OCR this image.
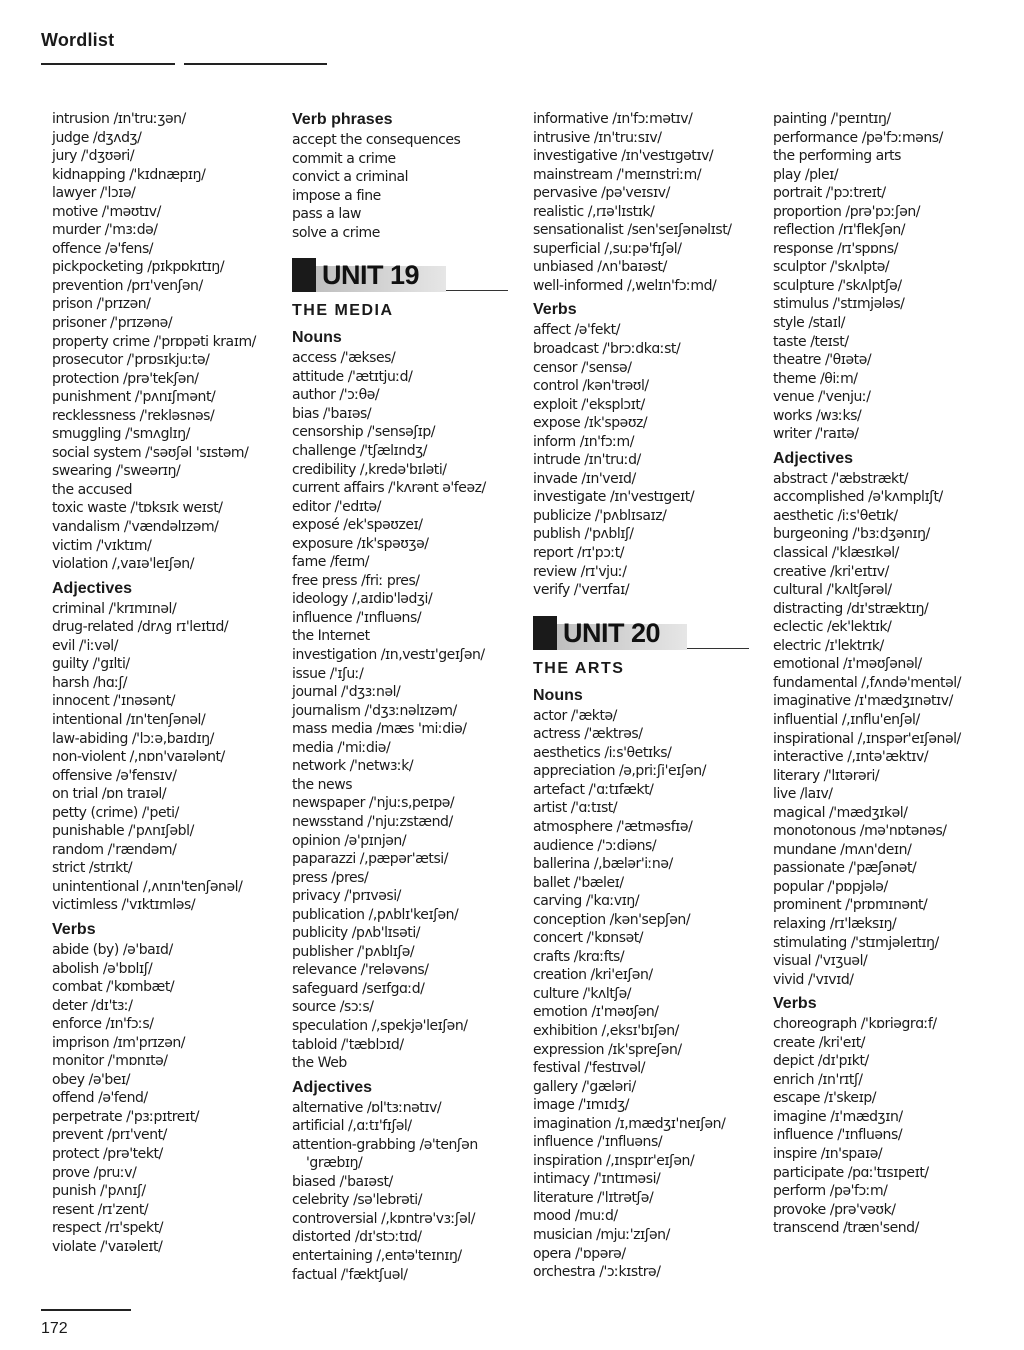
Wordlist
intrusion /ɪn'truːʒən/
judge /dʒʌdʒ/
jury /'dʒʊəri/
kidnapping /'kɪdnæpɪŋ/
lawyer /'lɔɪə/
motive /'məʊtɪv/
murder /'mɜːdə/
offence /ə'fens/
pickpocketing /pɪkpɒkɪtɪŋ/
prevention /prɪ'venʃən/
prison /'prɪzən/
prisoner /'prɪzənə/
property crime /'prɒpəti kraɪm/
prosecutor /'prɒsɪkjuːtə/
protection /prə'tekʃən/
punishment /'pʌnɪʃmənt/
recklessness /'rekləsnəs/
smuggling /'smʌglɪŋ/
social system /'səʊʃəl 'sɪstəm/
swearing /'sweərɪŋ/
the accused
toxic waste /'tɒksɪk weɪst/
vandalism /'vændəlɪzəm/
victim /'vɪktɪm/
violation /,vaɪə'leɪʃən/
Adjectives
criminal /'krɪmɪnəl/
drug-related /drʌg rɪ'leɪtɪd/
evil /'iːvəl/
guilty /'gɪlti/
harsh /hɑːʃ/
innocent /'ɪnəsənt/
intentional /ɪn'tenʃənəl/
law-abiding /'lɔːə,baɪdɪŋ/
non-violent /,nɒn'vaɪələnt/
offensive /ə'fensɪv/
on trial /ɒn traɪəl/
petty (crime) /'peti/
punishable /'pʌnɪʃəbl/
random /'rændəm/
strict /strɪkt/
unintentional /,ʌnɪn'tenʃənəl/
victimless /'vɪktɪmləs/
Verbs
abide (by) /ə'baɪd/
abolish /ə'bɒlɪʃ/
combat /'kɒmbæt/
deter /dɪ'tɜː/
enforce /ɪn'fɔːs/
imprison /ɪm'prɪzən/
monitor /'mɒnɪtə/
obey /ə'beɪ/
offend /ə'fend/
perpetrate /'pɜːpɪtreɪt/
prevent /prɪ'vent/
protect /prə'tekt/
prove /pruːv/
punish /'pʌnɪʃ/
resent /rɪ'zent/
respect /rɪ'spekt/
violate /'vaɪəleɪt/
Verb phrases
accept the consequences
commit a crime
convict a criminal
impose a fine
pass a law
solve a crime
UNIT 19
THE MEDIA
Nouns
access /'ækses/
attitude /'ætɪtjuːd/
author /'ɔːθə/
bias /'baɪəs/
censorship /'sensəʃɪp/
challenge /'tʃælɪndʒ/
credibility /,kredə'bɪləti/
current affairs /'kʌrənt ə'feəz/
editor /'edɪtə/
exposé /ek'spəʊzeɪ/
exposure /ɪk'spəʊʒə/
fame /feɪm/
free press /friː pres/
ideology /,aɪdiɒ'lədʒi/
influence /'ɪnfluəns/
the Internet
investigation /ɪn,vestɪ'geɪʃən/
issue /'ɪʃuː/
journal /'dʒɜːnəl/
journalism /'dʒɜːnəlɪzəm/
mass media /mæs 'miːdiə/
media /'miːdiə/
network /'netwɜːk/
the news
newspaper /'njuːs,peɪpə/
newsstand /'njuːzstænd/
opinion /ə'pɪnjən/
paparazzi /,pæpər'ætsi/
press /pres/
privacy /'prɪvəsi/
publication /,pʌblɪ'keɪʃən/
publicity /pʌb'lɪsəti/
publisher /'pʌblɪʃə/
relevance /'reləvəns/
safeguard /seɪfgɑːd/
source /sɔːs/
speculation /,spekjə'leɪʃən/
tabloid /'tæblɔɪd/
the Web
Adjectives
alternative /ɒl'tɜːnətɪv/
artificial /,ɑːtɪ'fɪʃəl/
attention-grabbing /ə'tenʃən
'græbɪŋ/
biased /'baɪəst/
celebrity /sə'lebrəti/
controversial /,kɒntrə'vɜːʃəl/
distorted /dɪ'stɔːtɪd/
entertaining /,entə'teɪnɪŋ/
factual /'fæktʃuəl/
informative /ɪn'fɔːmətɪv/
intrusive /ɪn'truːsɪv/
investigative /ɪn'vestɪgətɪv/
mainstream /'meɪnstriːm/
pervasive /pə'veɪsɪv/
realistic /,rɪə'lɪstɪk/
sensationalist /sen'seɪʃənəlɪst/
superficial /,suːpə'fɪʃəl/
unbiased /ʌn'baɪəst/
well-informed /,welɪn'fɔːmd/
Verbs
affect /ə'fekt/
broadcast /'brɔːdkɑːst/
censor /'sensə/
control /kən'trəʊl/
exploit /'eksplɔɪt/
expose /ɪk'spəʊz/
inform /ɪn'fɔːm/
intrude /ɪn'truːd/
invade /ɪn'veɪd/
investigate /ɪn'vestɪgeɪt/
publicize /'pʌblɪsaɪz/
publish /'pʌblɪʃ/
report /rɪ'pɔːt/
review /rɪ'vjuː/
verify /'verɪfaɪ/
UNIT 20
THE ARTS
Nouns
actor /'æktə/
actress /'æktrəs/
aesthetics /iːs'θetɪks/
appreciation /ə,priːʃi'eɪʃən/
artefact /'ɑːtɪfækt/
artist /'ɑːtɪst/
atmosphere /'ætməsfɪə/
audience /'ɔːdiəns/
ballerina /,bælər'iːnə/
ballet /'bæleɪ/
carving /'kɑːvɪŋ/
conception /kən'sepʃən/
concert /'kɒnsət/
crafts /krɑːfts/
creation /kri'eɪʃən/
culture /'kʌltʃə/
emotion /ɪ'məʊʃən/
exhibition /,eksɪ'bɪʃən/
expression /ɪk'spreʃən/
festival /'festɪvəl/
gallery /'gæləri/
image /'ɪmɪdʒ/
imagination /ɪ,mædʒɪ'neɪʃən/
influence /'ɪnfluəns/
inspiration /,ɪnspɪr'eɪʃən/
intimacy /'ɪntɪməsi/
literature /'lɪtrətʃə/
mood /muːd/
musician /mjuː'zɪʃən/
opera /'ɒpərə/
orchestra /'ɔːkɪstrə/
painting /'peɪntɪŋ/
performance /pə'fɔːməns/
the performing arts
play /pleɪ/
portrait /'pɔːtreɪt/
proportion /prə'pɔːʃən/
reflection /rɪ'flekʃən/
response /rɪ'spɒns/
sculptor /'skʌlptə/
sculpture /'skʌlptʃə/
stimulus /'stɪmjələs/
style /staɪl/
taste /teɪst/
theatre /'θɪətə/
theme /θiːm/
venue /'venjuː/
works /wɜːks/
writer /'raɪtə/
Adjectives
abstract /'æbstrækt/
accomplished /ə'kʌmplɪʃt/
aesthetic /iːs'θetɪk/
burgeoning /'bɜːdʒənɪŋ/
classical /'klæsɪkəl/
creative /kri'eɪtɪv/
cultural /'kʌltʃərəl/
distracting /dɪ'stræktɪŋ/
eclectic /ek'lektɪk/
electric /ɪ'lektrɪk/
emotional /ɪ'məʊʃənəl/
fundamental /,fʌndə'mentəl/
imaginative /ɪ'mædʒɪnətɪv/
influential /,ɪnflu'enʃəl/
inspirational /,ɪnspər'eɪʃənəl/
interactive /,ɪntə'æktɪv/
literary /'lɪtərəri/
live /laɪv/
magical /'mædʒɪkəl/
monotonous /mə'nɒtənəs/
mundane /mʌn'deɪn/
passionate /'pæʃənət/
popular /'pɒpjələ/
prominent /'prɒmɪnənt/
relaxing /rɪ'læksɪŋ/
stimulating /'stɪmjəleɪtɪŋ/
visual /'vɪʒuəl/
vivid /'vɪvɪd/
Verbs
choreograph /'kɒriəgrɑːf/
create /kri'eɪt/
depict /dɪ'pɪkt/
enrich /ɪn'rɪtʃ/
escape /ɪ'skeɪp/
imagine /ɪ'mædʒɪn/
influence /'ɪnfluəns/
inspire /ɪn'spaɪə/
participate /pɑː'tɪsɪpeɪt/
perform /pə'fɔːm/
provoke /prə'vəʊk/
transcend /træn'send/
172
